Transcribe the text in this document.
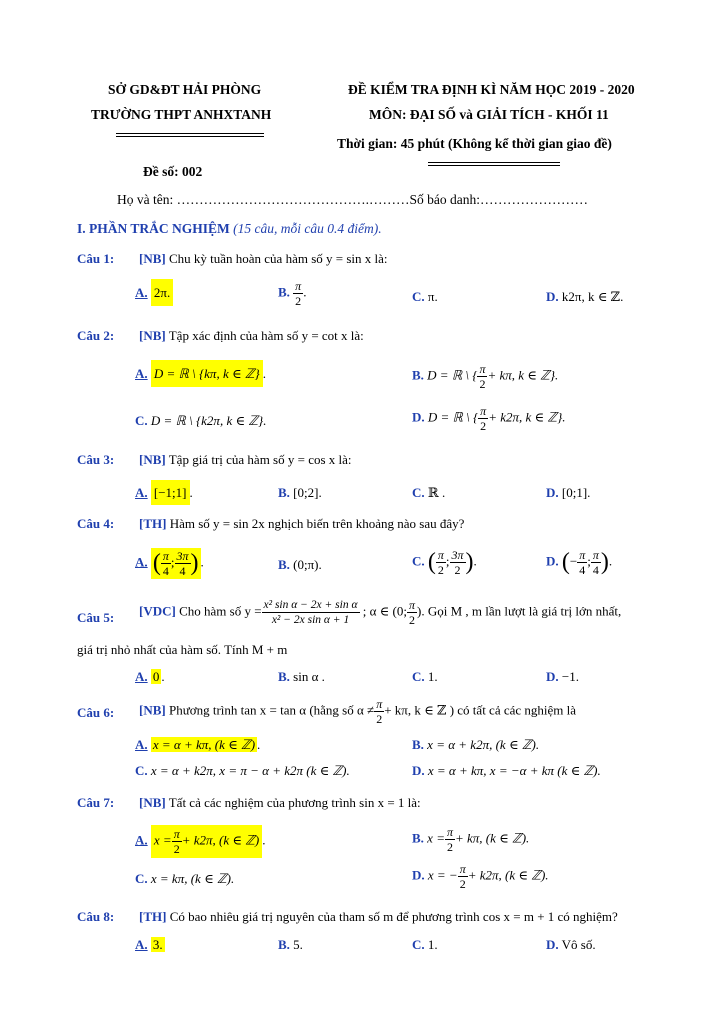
SỞ GD&ĐT HẢI PHÒNG
TRƯỜNG THPT ANHXTANH
ĐỀ KIỂM TRA ĐỊNH KÌ NĂM HỌC 2019 - 2020
MÔN: ĐẠI SỐ và GIẢI TÍCH - KHỐI 11
Thời gian: 45 phút (Không kể thời gian giao đề)
Đề số: 002
Họ và tên: …………………………………….………Số báo danh:……………………
I. PHẦN TRẮC NGHIỆM (15 câu, mỗi câu 0.4 điểm).
Câu 1: [NB] Chu kỳ tuần hoàn của hàm số y = sin x là:
A. 2π.	B. $\frac{\pi}{2}$ .	C. π.	D. k2π, k ∈ ℤ.
Câu 2: [NB] Tập xác định của hàm số y = cot x là:
A. D = ℝ \ {kπ, k ∈ ℤ} .	B. D = ℝ \ { $\frac{\pi}{2} + k\pi$, k ∈ ℤ}.
C. D = ℝ \ {k2π, k ∈ ℤ}.	D. D = ℝ \ { $\frac{\pi}{2} + k2\pi$, k ∈ ℤ}.
Câu 3: [NB] Tập giá trị của hàm số y = cos x là:
A. [−1;1] .	B. [0;2].	C. ℝ .	D. [0;1].
Câu 4: [TH] Hàm số y = sin 2x nghịch biến trên khoảng nào sau đây?
A. ( $\frac{\pi}{4}$ ; $\frac{3\pi}{4}$ ) .	B. (0;π).	C. ( $\frac{\pi}{2}$ ; $\frac{3\pi}{2}$ ).	D. (− $\frac{\pi}{4}$ ; $\frac{\pi}{4}$ ).
Câu 5: [VDC] Cho hàm số $y = \frac{\text{x² sin α − 2x + sin α}}{\text{x² − 2x sin α + 1}}$ ; α ∈ (0; $\frac{\pi}{2}$ ). Gọi M , m lần lượt là giá trị lớn nhất,
giá trị nhỏ nhất của hàm số. Tính M + m
A. 0 .	B. sin α .	C. 1.	D. −1.
Câu 6: [NB] Phương trình tan x = tan α (hằng số $\alpha \ne \frac{\pi}{2} + k\pi$, k ∈ ℤ ) có tất cả các nghiệm là
A. x = α + kπ, (k ∈ ℤ) .	B. x = α + k2π, (k ∈ ℤ).
C. x = α + k2π, x = π − α + k2π (k ∈ ℤ).	D. x = α + kπ, x = −α + kπ (k ∈ ℤ).
Câu 7: [NB] Tất cả các nghiệm của phương trình sin x = 1 là:
A. $x = \frac{\pi}{2} + k2\pi$, (k ∈ ℤ) .	B. $x = \frac{\pi}{2} + k\pi$, (k ∈ ℤ).
C. x = kπ, (k ∈ ℤ).	D. x = − $\frac{\pi}{2} + k2\pi$, (k ∈ ℤ).
Câu 8: [TH] Có bao nhiêu giá trị nguyên của tham số m để phương trình cos x = m + 1 có nghiệm?
A. 3.	B. 5.	C. 1.	D. Vô số.
